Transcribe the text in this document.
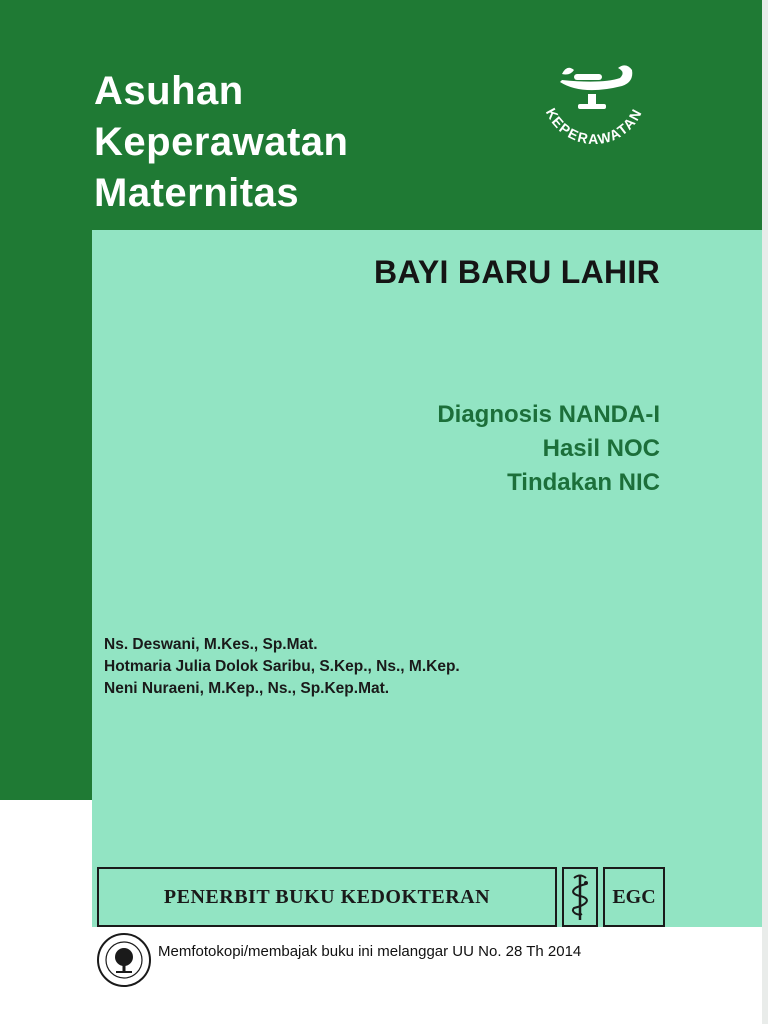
Asuhan
Keperawatan
Maternitas
KEPERAWATAN
BAYI BARU LAHIR
Diagnosis NANDA-I
Hasil NOC
Tindakan NIC
Ns. Deswani, M.Kes., Sp.Mat.
Hotmaria Julia Dolok Saribu, S.Kep., Ns., M.Kep.
Neni Nuraeni, M.Kep., Ns., Sp.Kep.Mat.
PENERBIT BUKU KEDOKTERAN	EGC
Memfotokopi/membajak buku ini melanggar UU No. 28 Th 2014
